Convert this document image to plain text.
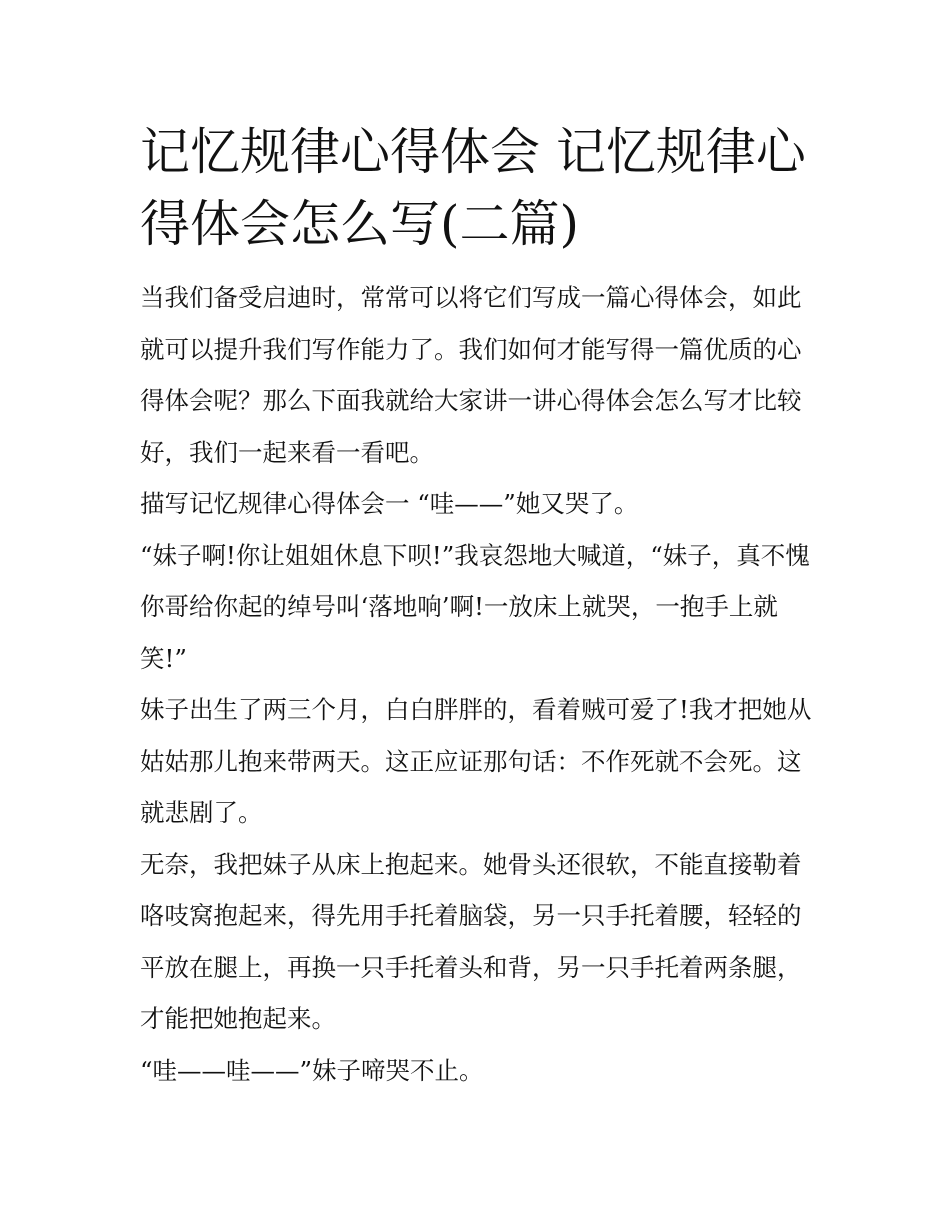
记忆规律心得体会 记忆规律心得体会怎么写(二篇)

当我们备受启迪时，常常可以将它们写成一篇心得体会，如此就可以提升我们写作能力了。我们如何才能写得一篇优质的心得体会呢？那么下面我就给大家讲一讲心得体会怎么写才比较好，我们一起来看一看吧。

描写记忆规律心得体会一 “哇——”她又哭了。

“妹子啊!你让姐姐休息下呗!”我哀怨地大喊道，“妹子，真不愧你哥给你起的绰号叫‘落地响’啊!一放床上就哭，一抱手上就笑!”

妹子出生了两三个月，白白胖胖的，看着贼可爱了!我才把她从姑姑那儿抱来带两天。这正应证那句话：不作死就不会死。这就悲剧了。

无奈，我把妹子从床上抱起来。她骨头还很软，不能直接勒着咯吱窝抱起来，得先用手托着脑袋，另一只手托着腰，轻轻的平放在腿上，再换一只手托着头和背，另一只手托着两条腿，才能把她抱起来。

“哇——哇——”妹子啼哭不止。
